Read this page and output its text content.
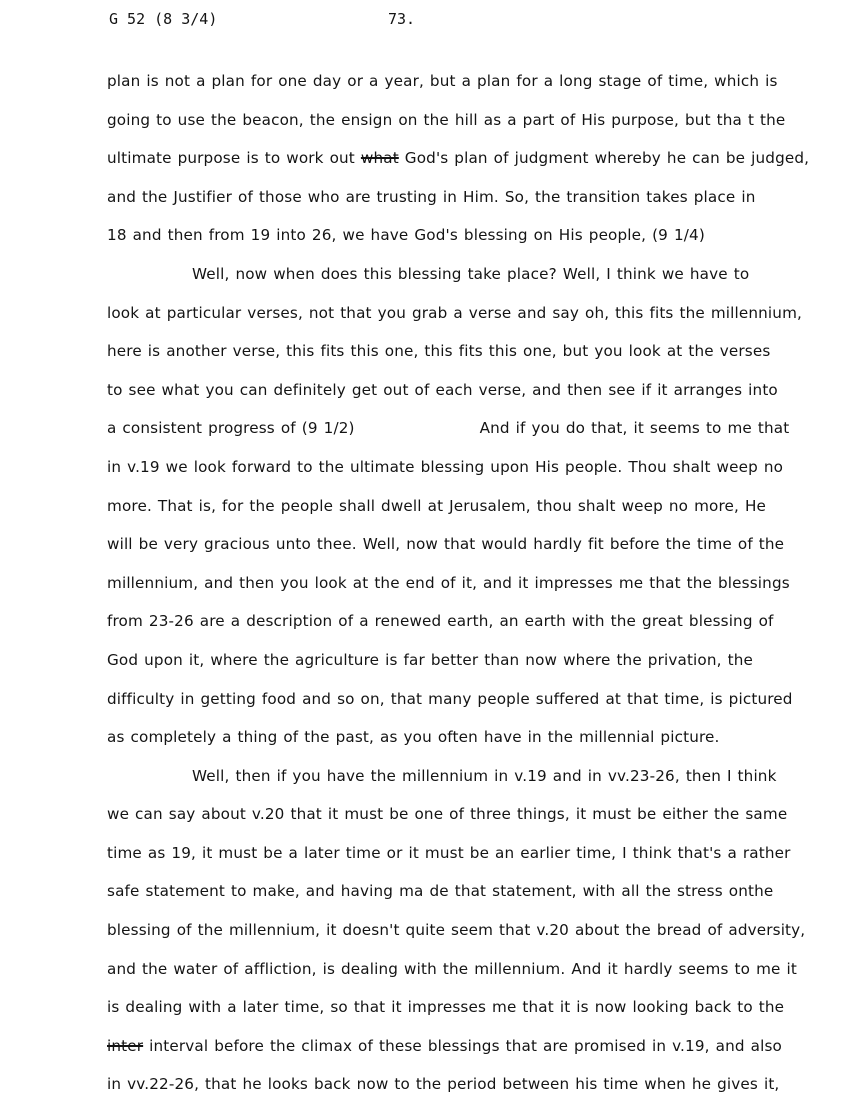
G 52 (8 3/4)	73.
plan is not a plan for one day or a year, but a plan for a long stage of time, which is
going to use the beacon, the ensign on the hill as a part of His purpose, but tha t the
ultimate purpose is to work out what God's plan of judgment whereby he can be judged,
and the Justifier of those who are trusting in Him. So, the transition takes place in
18 and then from 19 into 26, we have God's blessing on His people, (9 1/4)
Well, now when does this blessing take place? Well, I think we have to
look at particular verses, not that you grab a verse and say oh, this fits the millennium,
here is another verse, this fits this one, this fits this one, but you look at the verses
to see what you can definitely get out of each verse, and then see if it arranges into
a consistent progress of (9 1/2)	And if you do that, it seems to me that
in v.19 we look forward to the ultimate blessing upon His people. Thou shalt weep no
more. That is, for the people shall dwell at Jerusalem, thou shalt weep no more, He
will be very gracious unto thee. Well, now that would hardly fit before the time of the
millennium, and then you look at the end of it, and it impresses me that the blessings
from 23-26 are a description of a renewed earth, an earth with the great blessing of
God upon it, where the agriculture is far better than now where the privation, the
difficulty in getting food and so on, that many people suffered at that time, is pictured
as completely a thing of the past, as you often have in the millennial picture.
Well, then if you have the millennium in v.19 and in vv.23-26, then I think
we can say about v.20 that it must be one of three things, it must be either the same
time as 19, it must be a later time or it must be an earlier time, I think that's a rather
safe statement to make, and having ma de that statement, with all the stress onthe
blessing of the millennium, it doesn't quite seem that v.20 about the bread of adversity,
and the water of affliction, is dealing with the millennium. And it hardly seems to me it
is dealing with a later time, so that it impresses me that it is now looking back to the
inter interval before the climax of these blessings that are promised in v.19, and also
in vv.22-26, that he looks back now to the period between his time when he gives it,
